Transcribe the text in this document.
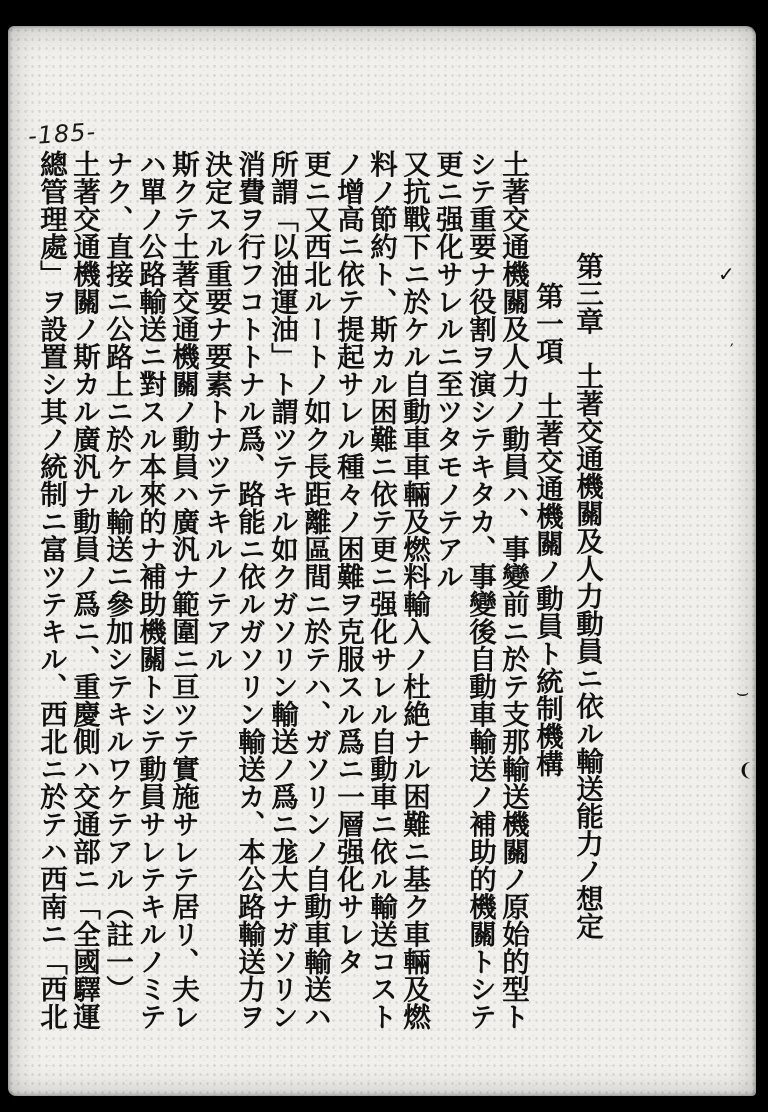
-185-
第三章　土著交通機關及人力動員ニ依ル輸送能力ノ想定
第一項　土著交通機關ノ動員ト統制機構
土著交通機關及人力ノ動員ハ、事變前ニ於テ支那輸送機關ノ原始的型ト
シテ重要ナ役割ヲ演シテキタカ、事變後自動車輸送ノ補助的機關トシテ
更ニ强化サレルニ至ツタモノテアル
又抗戰下ニ於ケル自動車車輛及燃料輸入ノ杜絶ナル困難ニ基ク車輛及燃
料ノ節約ト、斯カル困難ニ依テ更ニ强化サレル自動車ニ依ル輸送コスト
ノ增高ニ依テ提起サレル種々ノ困難ヲ克服スル爲ニ一層强化サレタ
更ニ又西北ルートノ如ク長距離區間ニ於テハ、ガソリンノ自動車輸送ハ
所謂「以油運油」ト謂ツテキル如クガソリン輸送ノ爲ニ尨大ナガソリン
消費ヲ行フコトトナル爲、路能ニ依ルガソリン輸送カ、本公路輸送力ヲ
決定スル重要ナ要素トナツテキルノテアル
斯クテ土著交通機關ノ動員ハ廣汎ナ範圍ニ亘ツテ實施サレテ居リ、夫レ
ハ單ノ公路輸送ニ對スル本來的ナ補助機關トシテ動員サレテキルノミテ
ナク、直接ニ公路上ニ於ケル輸送ニ參加シテキルワケテアル（註一）
土著交通機關ノ斯カル廣汎ナ動員ノ爲ニ、重慶側ハ交通部ニ「全國驛運
總管理處」ヲ設置シ其ノ統制ニ富ツテキル、西北ニ於テハ西南ニ「西北	✓
′
⌣
❨
